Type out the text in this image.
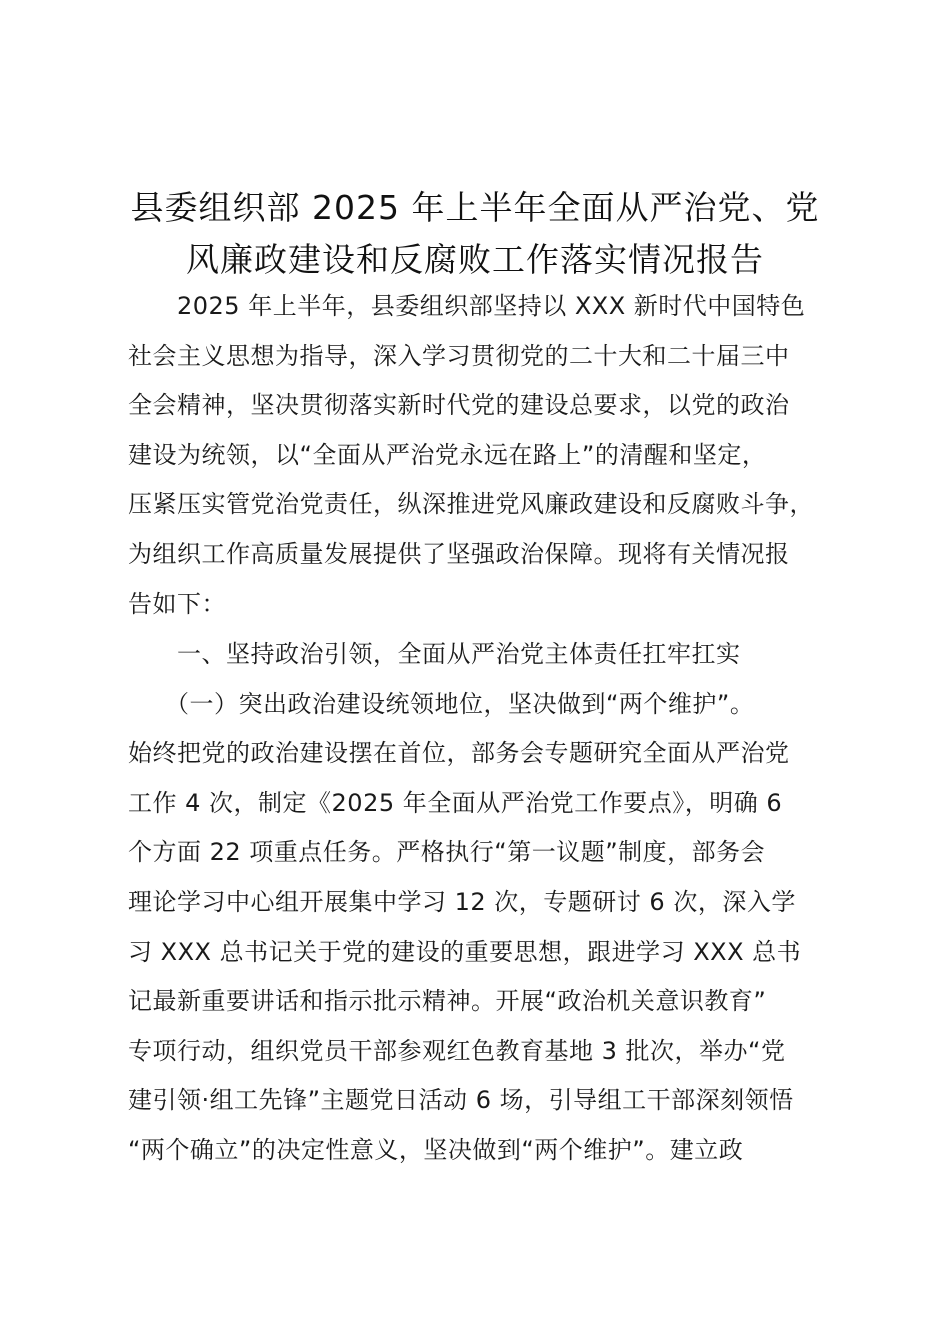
县委组织部 2025 年上半年全面从严治党、党
风廉政建设和反腐败工作落实情况报告
　　2025 年上半年，县委组织部坚持以 XXX 新时代中国特色
社会主义思想为指导，深入学习贯彻党的二十大和二十届三中
全会精神，坚决贯彻落实新时代党的建设总要求，以党的政治
建设为统领，以“全面从严治党永远在路上”的清醒和坚定，
压紧压实管党治党责任，纵深推进党风廉政建设和反腐败斗争，
为组织工作高质量发展提供了坚强政治保障。现将有关情况报
告如下：
　　一、坚持政治引领，全面从严治党主体责任扛牢扛实
　　（一）突出政治建设统领地位，坚决做到“两个维护”。
始终把党的政治建设摆在首位，部务会专题研究全面从严治党
工作 4 次，制定《2025 年全面从严治党工作要点》，明确 6
个方面 22 项重点任务。严格执行“第一议题”制度，部务会
理论学习中心组开展集中学习 12 次，专题研讨 6 次，深入学
习 XXX 总书记关于党的建设的重要思想，跟进学习 XXX 总书
记最新重要讲话和指示批示精神。开展“政治机关意识教育”
专项行动，组织党员干部参观红色教育基地 3 批次，举办“党
建引领·组工先锋”主题党日活动 6 场，引导组工干部深刻领悟
“两个确立”的决定性意义，坚决做到“两个维护”。建立政
